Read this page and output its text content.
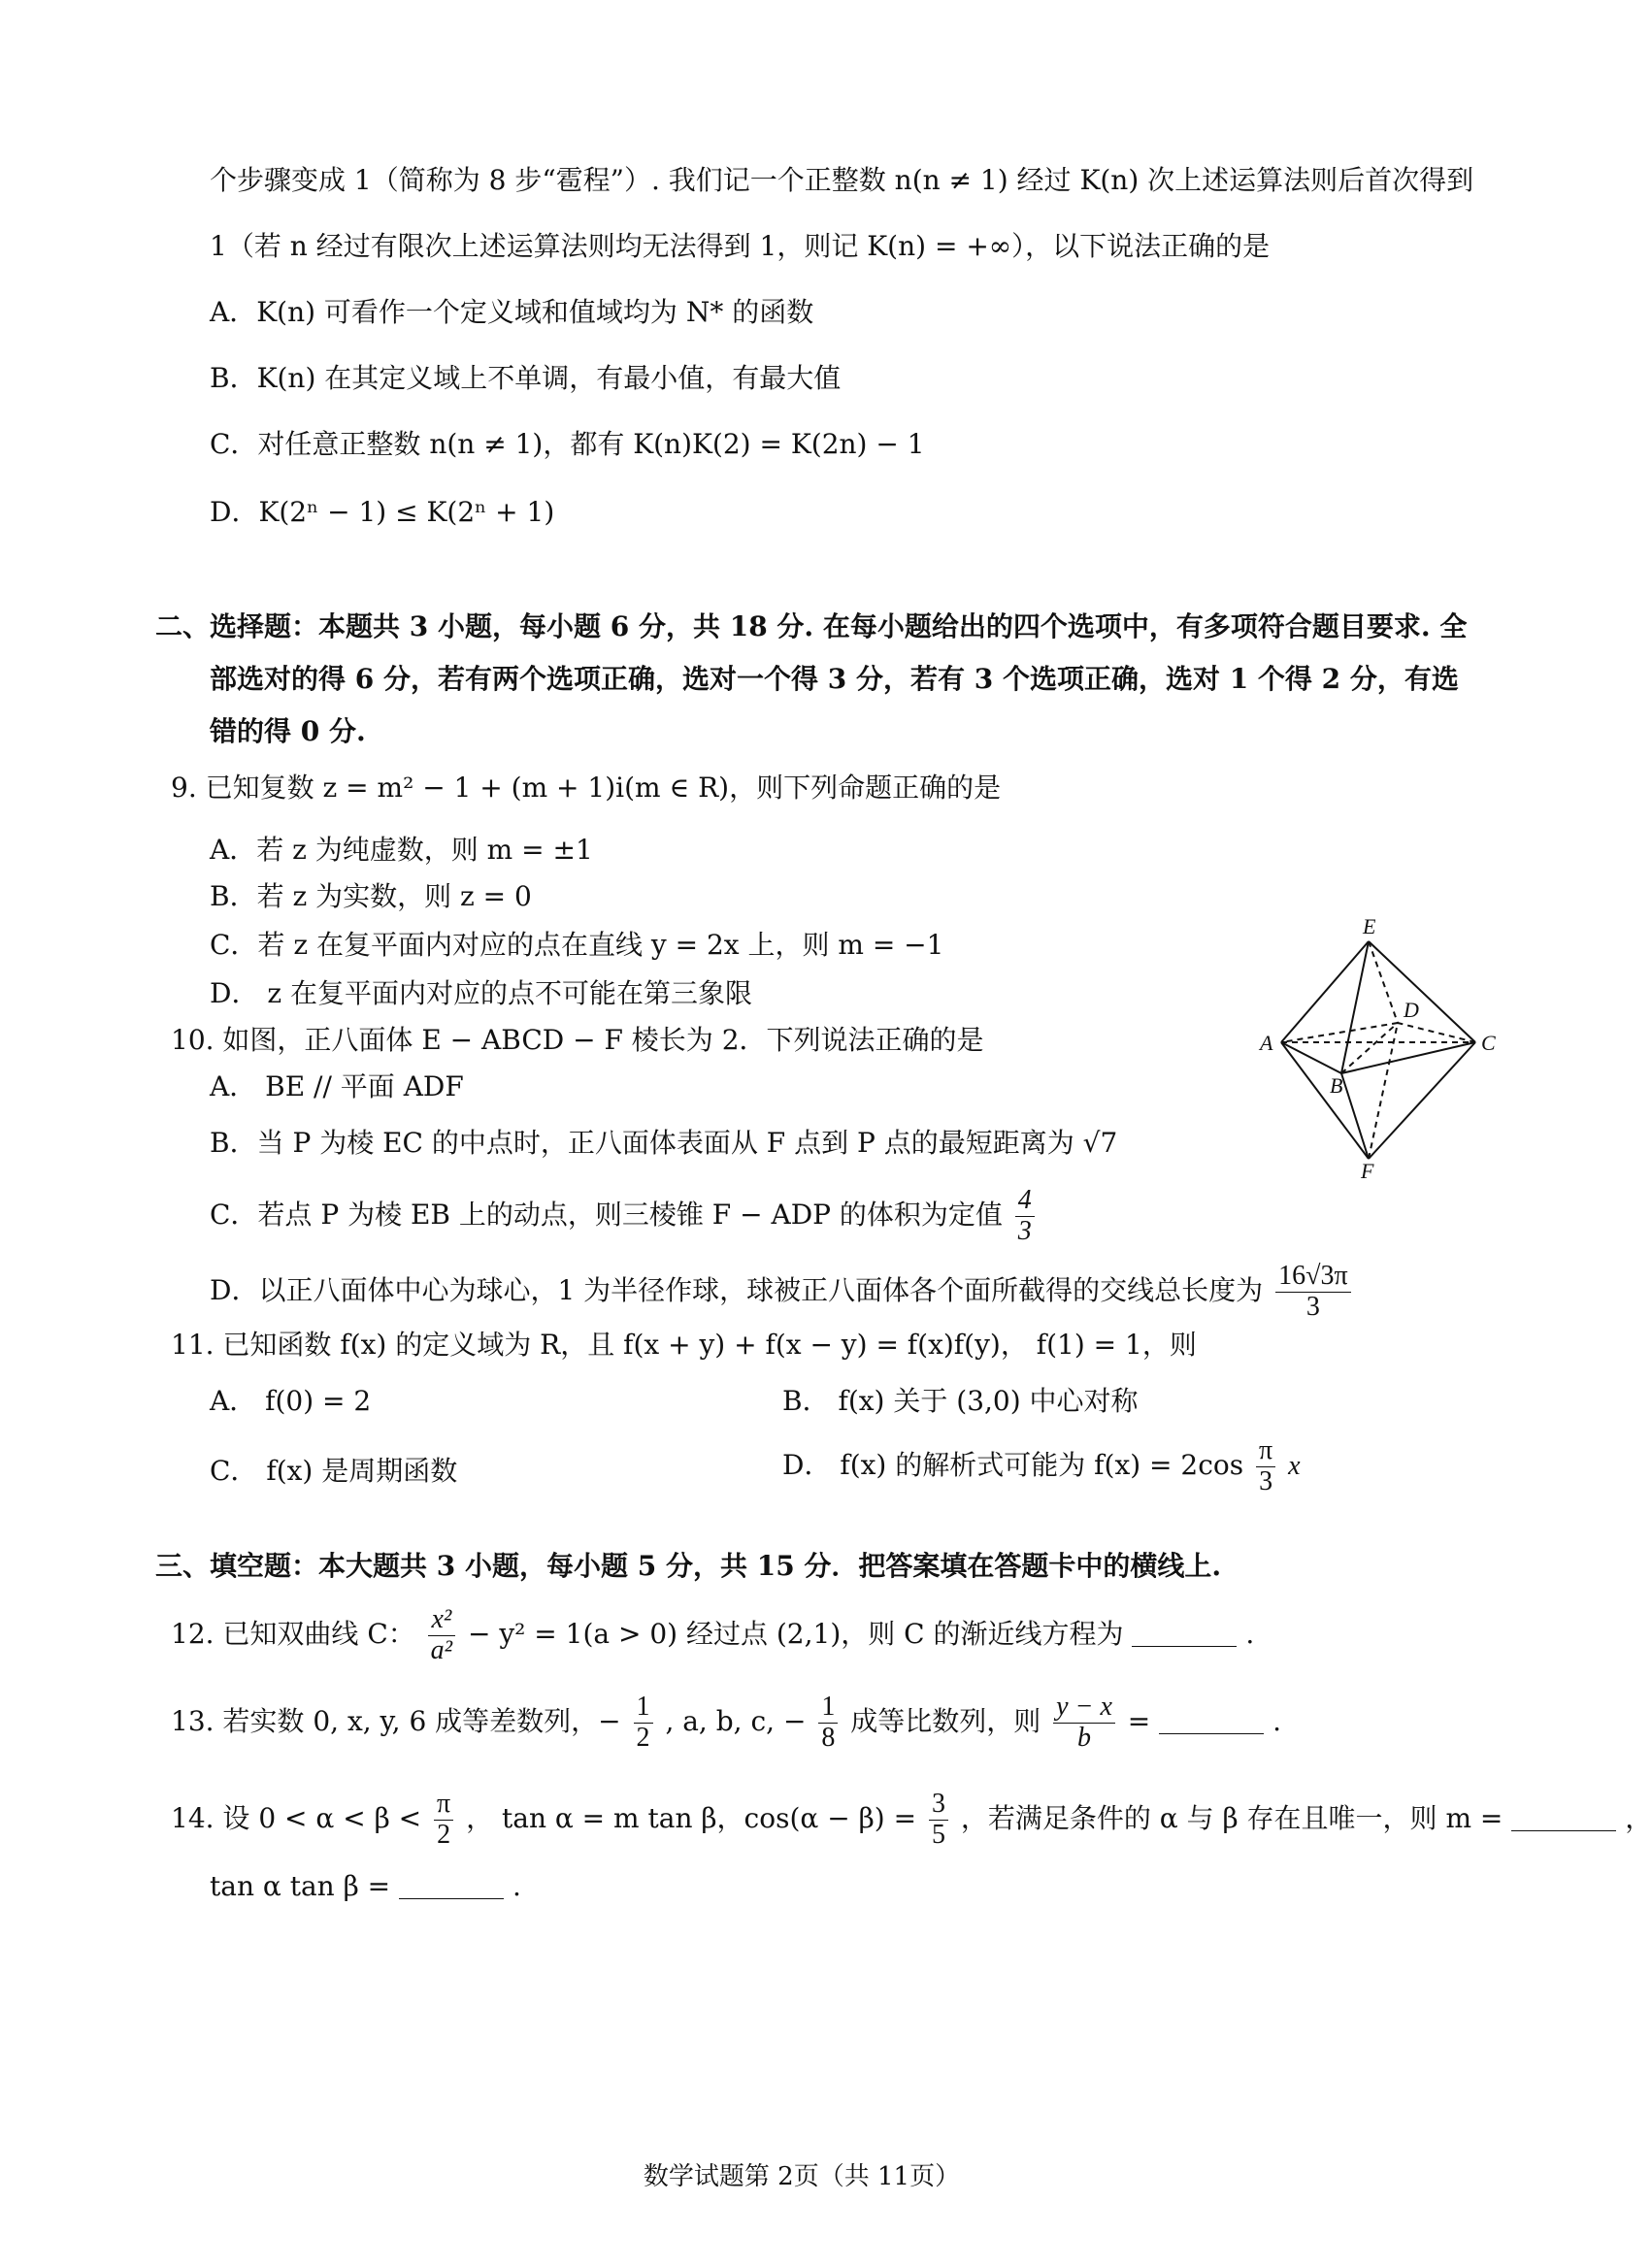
个步骤变成 1（简称为 8 步“雹程”）. 我们记一个正整数 n(n ≠ 1) 经过 K(n) 次上述运算法则后首次得到
1（若 n 经过有限次上述运算法则均无法得到 1，则记 K(n) = +∞），以下说法正确的是
A．K(n) 可看作一个定义域和值域均为 N* 的函数
B．K(n) 在其定义域上不单调，有最小值，有最大值
C．对任意正整数 n(n ≠ 1)，都有 K(n)K(2) = K(2n) − 1
D．K(2ⁿ − 1) ≤ K(2ⁿ + 1)
二、选择题：本题共 3 小题，每小题 6 分，共 18 分. 在每小题给出的四个选项中，有多项符合题目要求. 全
部选对的得 6 分，若有两个选项正确，选对一个得 3 分，若有 3 个选项正确，选对 1 个得 2 分，有选
错的得 0 分.
9. 已知复数 z = m² − 1 + (m + 1)i(m ∈ R)，则下列命题正确的是
A．若 z 为纯虚数，则 m = ±1
B．若 z 为实数，则 z = 0
C．若 z 在复平面内对应的点在直线 y = 2x 上，则 m = −1
D． z 在复平面内对应的点不可能在第三象限
10. 如图，正八面体 E − ABCD − F 棱长为 2．下列说法正确的是
A． BE // 平面 ADF
B．当 P 为棱 EC 的中点时，正八面体表面从 F 点到 P 点的最短距离为 √7
C．若点 P 为棱 EB 上的动点，则三棱锥 F − ADP 的体积为定值 $\frac{4}{3}$
D．以正八面体中心为球心，1 为半径作球，球被正八面体各个面所截得的交线总长度为 $\frac{16√3\pi}{3}$
E
A
B
C
D
F
11. 已知函数 f(x) 的定义域为 R，且 f(x + y) + f(x − y) = f(x)f(y)， f(1) = 1，则
A． f(0) = 2	B． f(x) 关于 (3,0) 中心对称
C． f(x) 是周期函数	D． f(x) 的解析式可能为 $f(x) = 2\cos \frac{\pi}{3}$ x
三、填空题：本大题共 3 小题，每小题 5 分，共 15 分．把答案填在答题卡中的横线上.
12. 已知双曲线 C： $\frac{\text{x²}}{\text{a²}} - y^2 = 1(a > 0)$ 经过点 (2,1)，则 C 的渐近线方程为	.
13. 若实数 0, x, y, 6 成等差数列，− $\frac{1}{2}$ , a, b, c, − $\frac{1}{8}$ 成等比数列，则 $\frac{y - x}{b}$ =	.
14. 设 $0 < \alpha < \beta < \frac{\pi}{2}$ ， tan α = m tan β，$\cos(\alpha - \beta) = \frac{3}{5}$ ，若满足条件的 α 与 β 存在且唯一，则 m =	，
tan α tan β =	.
数学试题第 2页（共 11页）
